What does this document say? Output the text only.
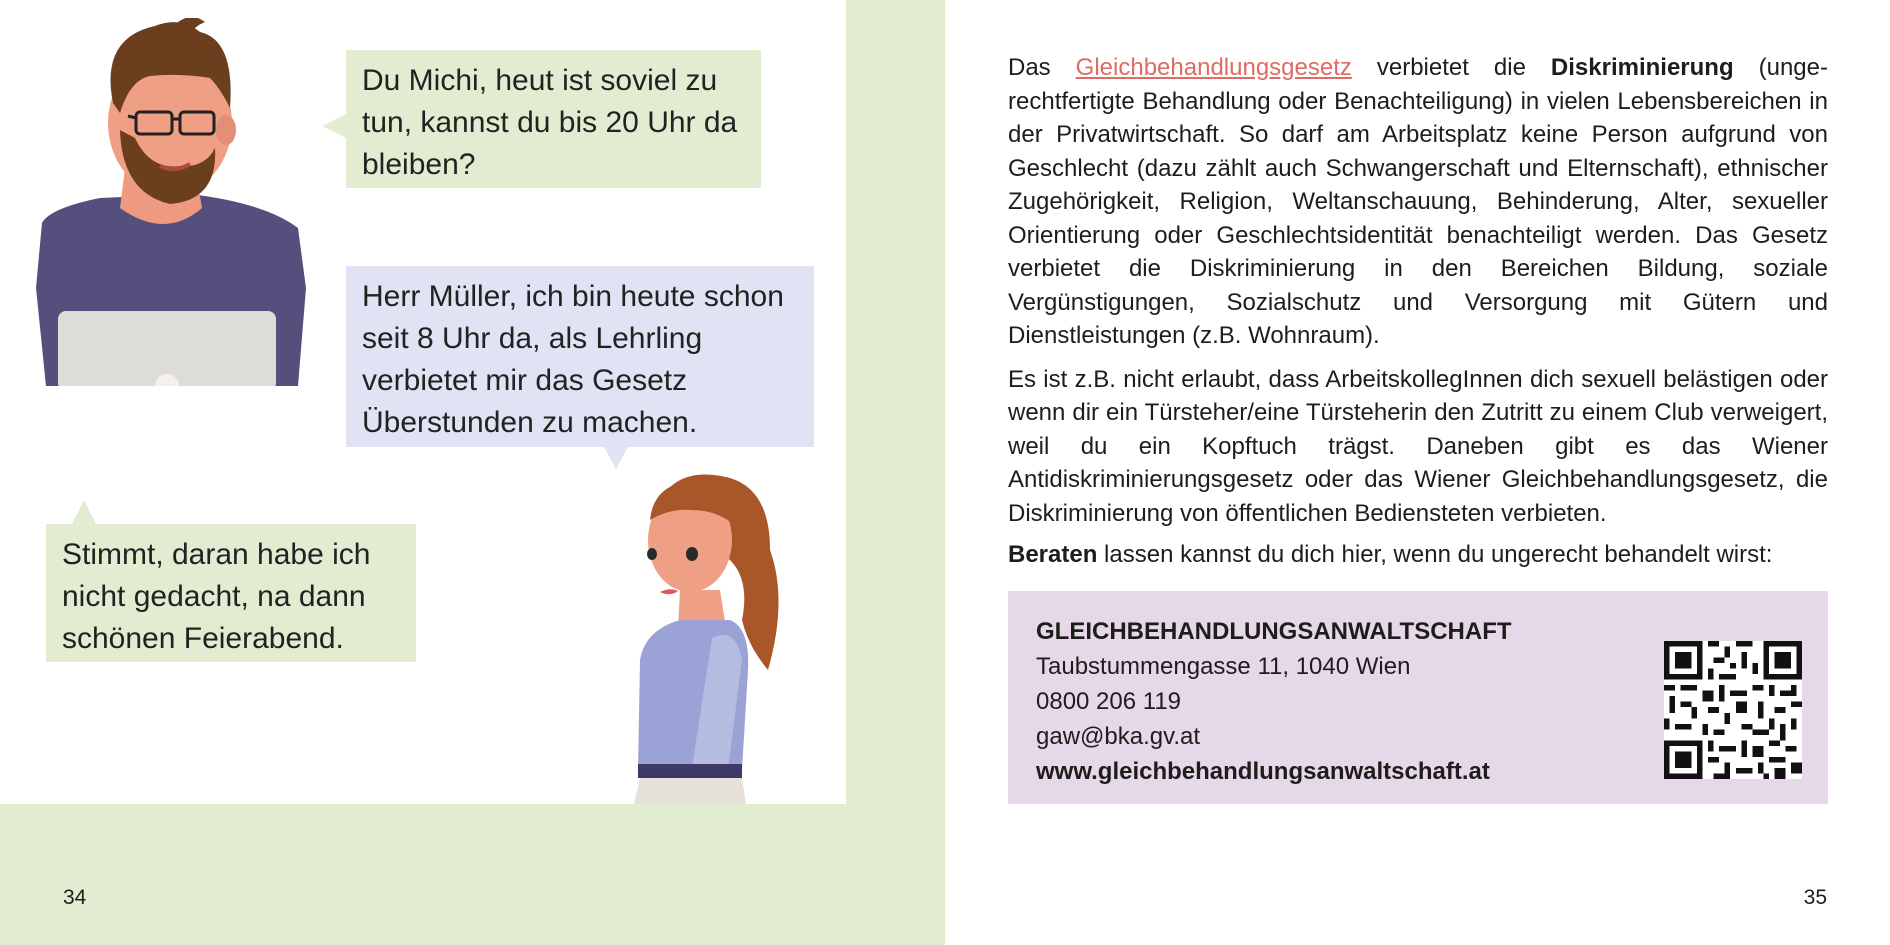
Du Michi, heut ist soviel zu tun, kannst du bis 20 Uhr da bleiben?
Herr Müller, ich bin heute schon seit 8 Uhr da, als Lehrling verbietet mir das Gesetz Überstunden zu machen.
Stimmt, daran habe ich nicht gedacht, na dann schönen Feierabend.
34

Das Gleichbehandlungsgesetz verbietet die Diskriminierung (ungerechtfertigte Behandlung oder Benachteiligung) in vielen Lebensbereichen in der Privatwirtschaft. So darf am Arbeitsplatz keine Person aufgrund von Geschlecht (dazu zählt auch Schwangerschaft und Elternschaft), ethnischer Zugehörigkeit, Religion, Weltanschauung, Behinderung, Alter, sexueller Orientierung oder Geschlechtsidentität benachteiligt werden. Das Gesetz verbietet die Diskriminierung in den Bereichen Bildung, soziale Vergünstigungen, Sozialschutz und Versorgung mit Gütern und Dienstleistungen (z.B. Wohnraum).

Es ist z.B. nicht erlaubt, dass ArbeitskollegInnen dich sexuell belästigen oder wenn dir ein Türsteher/eine Türsteherin den Zutritt zu einem Club verweigert, weil du ein Kopftuch trägst. Daneben gibt es das Wiener Antidiskriminierungsgesetz oder das Wiener Gleichbehandlungsgesetz, die Diskriminierung von öffentlichen Bediensteten verbieten.

Beraten lassen kannst du dich hier, wenn du ungerecht behandelt wirst:

GLEICHBEHANDLUNGSANWALTSCHAFT
Taubstummengasse 11, 1040 Wien
0800 206 119
gaw@bka.gv.at
www.gleichbehandlungsanwaltschaft.at
35
